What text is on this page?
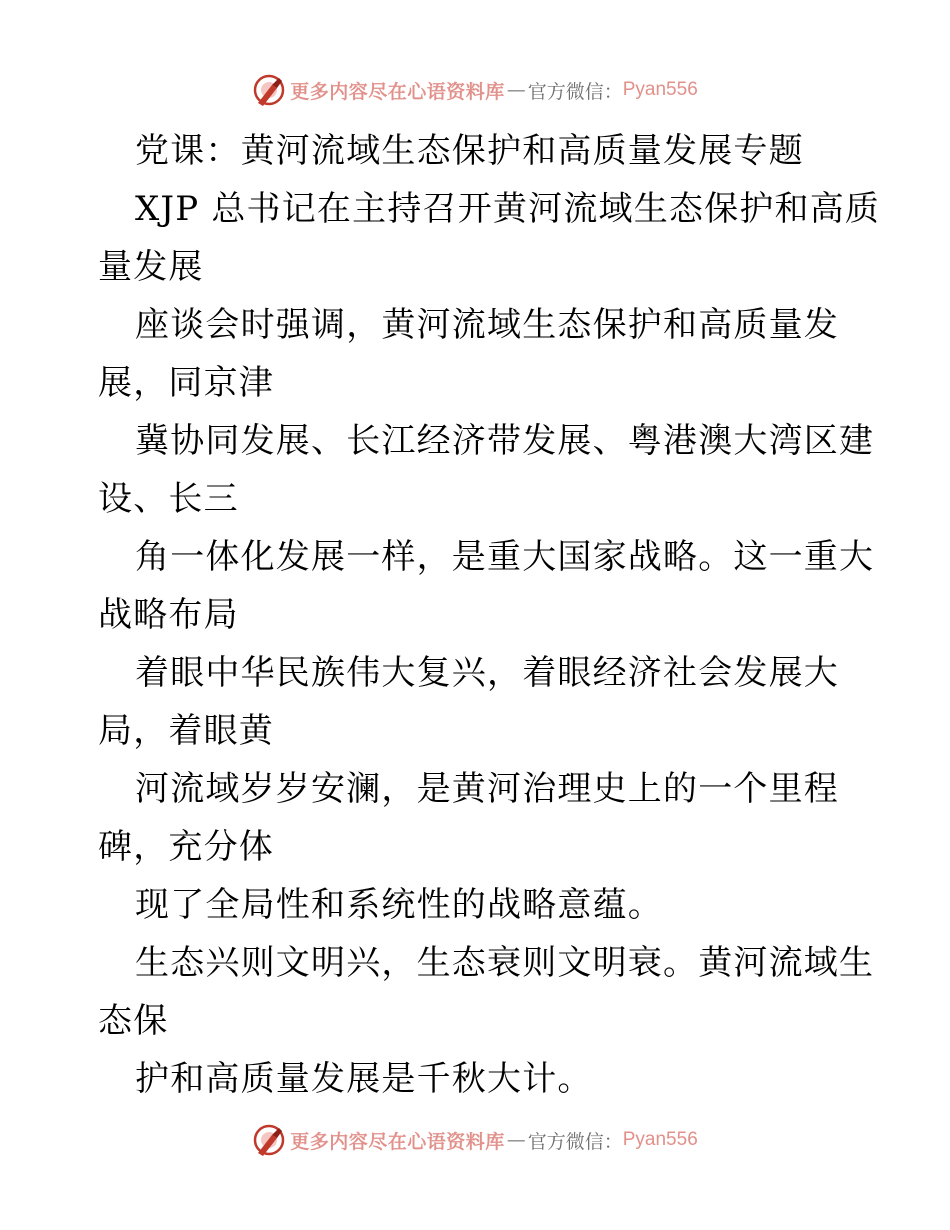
更多内容尽在心语资料库 — 官方微信： Pyan556
党课：黄河流域生态保护和高质量发展专题
XJP 总书记在主持召开黄河流域生态保护和高质
量发展
座谈会时强调，黄河流域生态保护和高质量发
展，同京津
冀协同发展、长江经济带发展、粤港澳大湾区建
设、长三
角一体化发展一样，是重大国家战略。这一重大
战略布局
着眼中华民族伟大复兴，着眼经济社会发展大
局，着眼黄
河流域岁岁安澜，是黄河治理史上的一个里程
碑，充分体
现了全局性和系统性的战略意蕴。
生态兴则文明兴，生态衰则文明衰。黄河流域生
态保
护和高质量发展是千秋大计。
更多内容尽在心语资料库 — 官方微信： Pyan556
